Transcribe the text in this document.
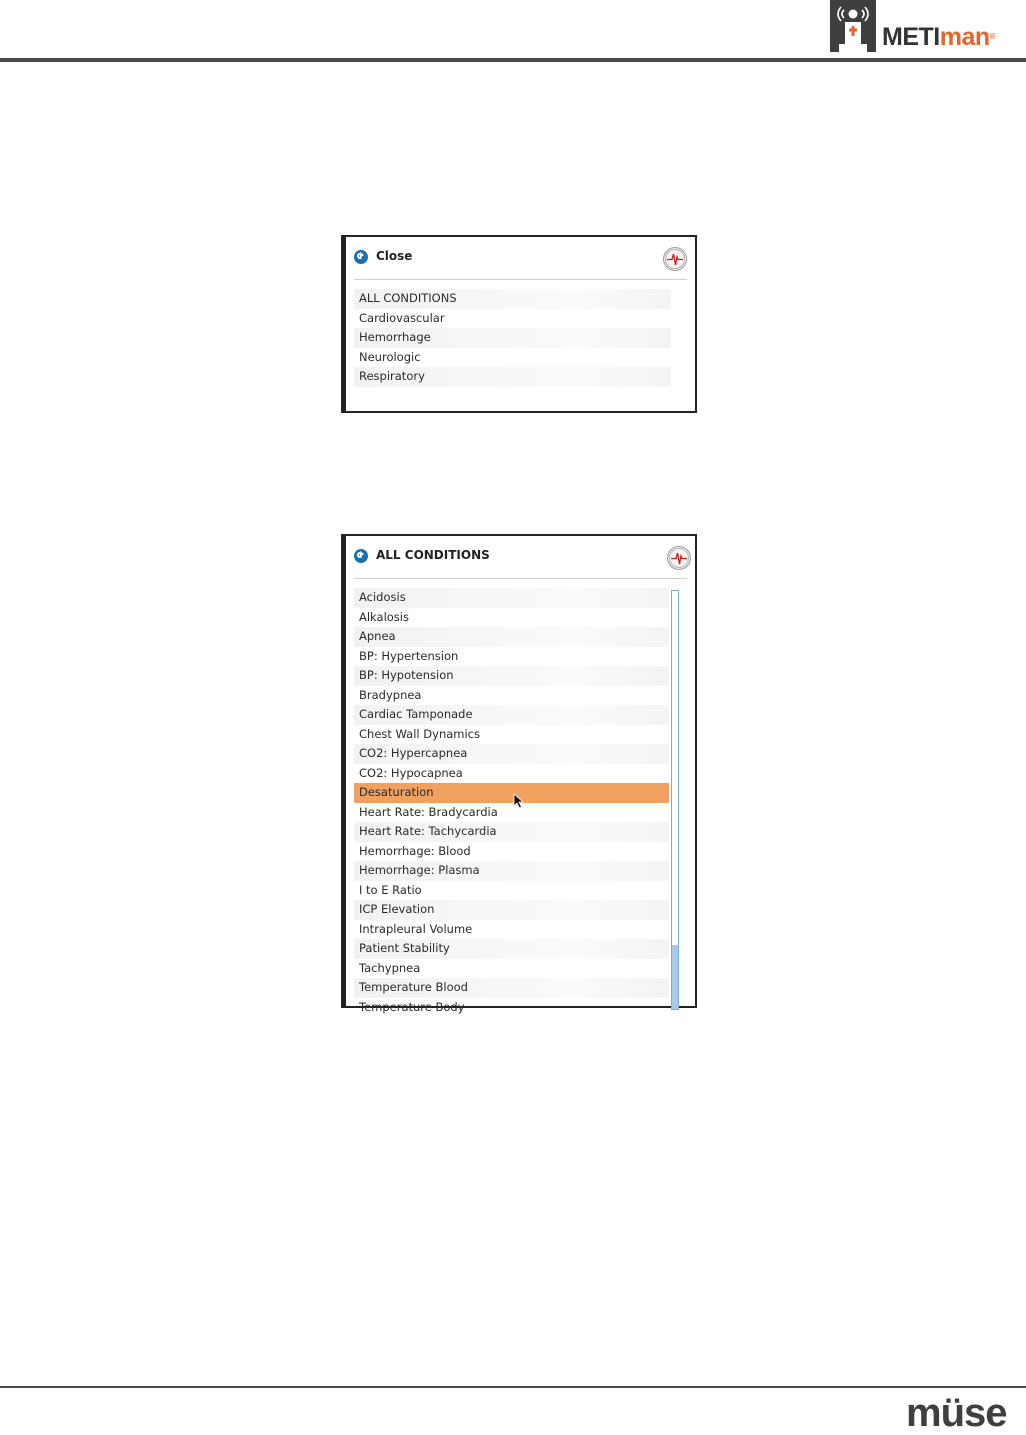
METIman®
Close
ALL CONDITIONS
Cardiovascular
Hemorrhage
Neurologic
Respiratory
ALL CONDITIONS
Acidosis
Alkalosis
Apnea
BP: Hypertension
BP: Hypotension
Bradypnea
Cardiac Tamponade
Chest Wall Dynamics
CO2: Hypercapnea
CO2: Hypocapnea
Desaturation
Heart Rate: Bradycardia
Heart Rate: Tachycardia
Hemorrhage: Blood
Hemorrhage: Plasma
I to E Ratio
ICP Elevation
Intrapleural Volume
Patient Stability
Tachypnea
Temperature Blood
Temperature Body
müse
